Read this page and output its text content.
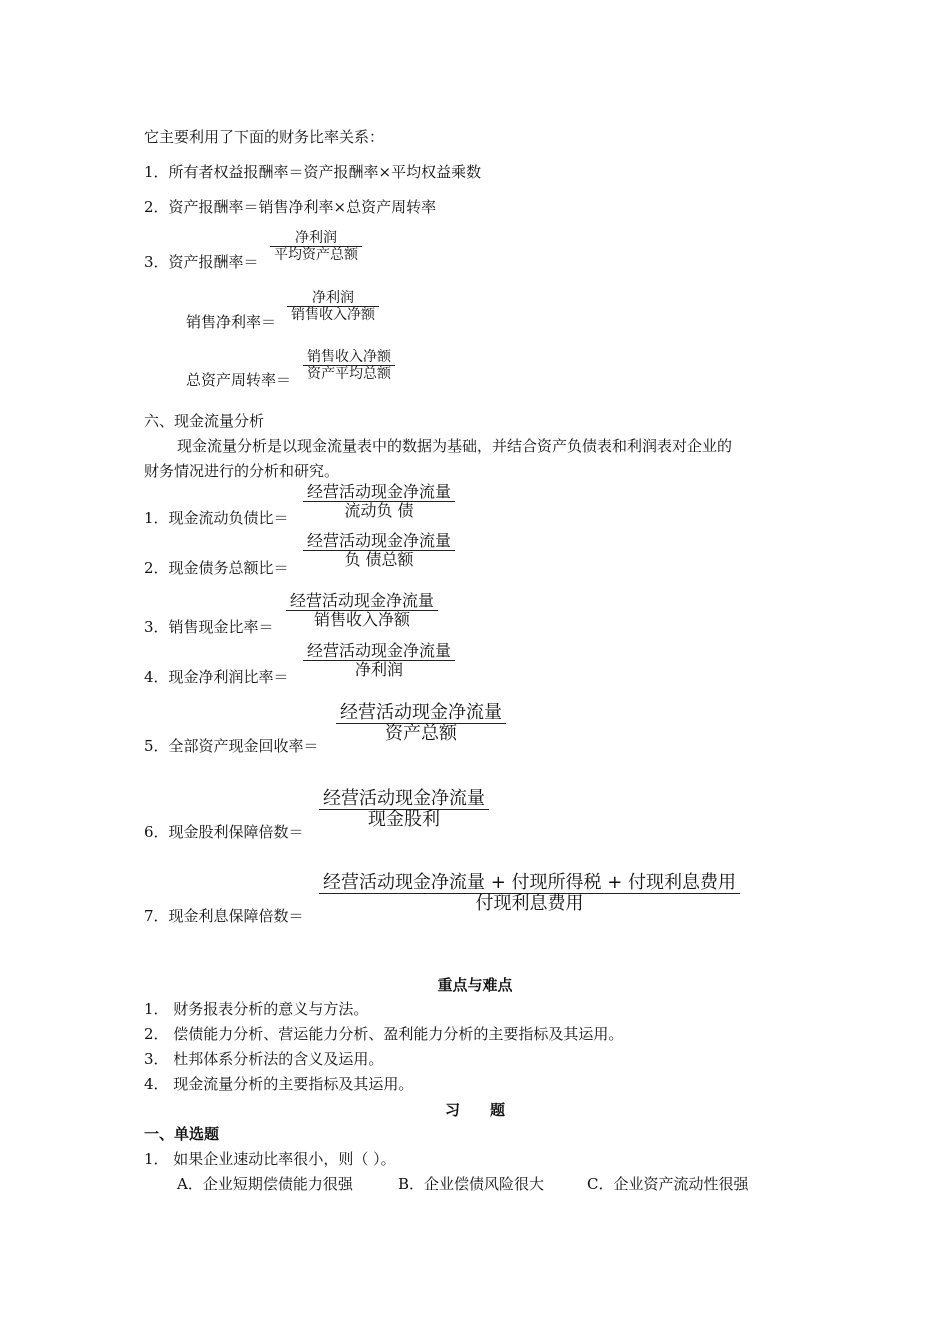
它主要利用了下面的财务比率关系：
1．所有者权益报酬率＝资产报酬率×平均权益乘数
2．资产报酬率＝销售净利率×总资产周转率
3．资产报酬率＝
净利润
平均资产总额
销售净利率＝
净利润
销售收入净额
总资产周转率＝
销售收入净额
资产平均总额
六、现金流量分析
现金流量分析是以现金流量表中的数据为基础，并结合资产负债表和利润表对企业的
财务情况进行的分析和研究。
1．现金流动负债比＝
经营活动现金净流量
流动负 债
2．现金债务总额比＝
经营活动现金净流量
负 债总额
3．销售现金比率＝
经营活动现金净流量
销售收入净额
4．现金净利润比率＝
经营活动现金净流量
净利润
5．全部资产现金回收率＝
经营活动现金净流量
资产总额
6．现金股利保障倍数＝
经营活动现金净流量
现金股利
7．现金利息保障倍数＝
经营活动现金净流量 + 付现所得税 + 付现利息费用
付现利息费用
重点与难点
1． 财务报表分析的意义与方法。
2． 偿债能力分析、营运能力分析、盈利能力分析的主要指标及其运用。
3． 杜邦体系分析法的含义及运用。
4． 现金流量分析的主要指标及其运用。
习　　题
一、单选题
1． 如果企业速动比率很小，则（ ）。
A．企业短期偿债能力很强	B．企业偿债风险很大	C．企业资产流动性很强
